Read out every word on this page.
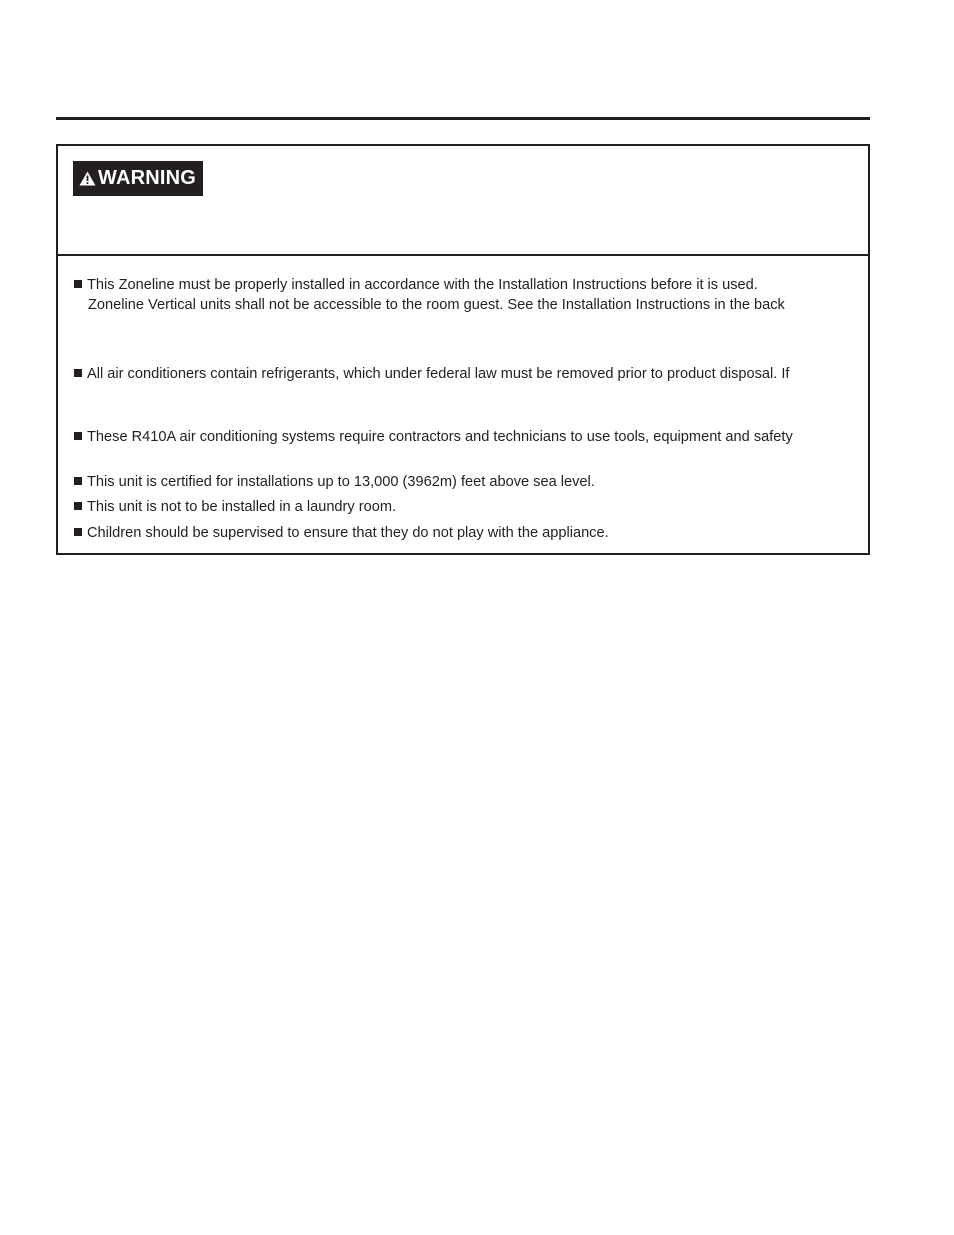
WARNING
This Zoneline must be properly installed in accordance with the Installation Instructions before it is used.
Zoneline Vertical units shall not be accessible to the room guest. See the Installation Instructions in the back
All air conditioners contain refrigerants, which under federal law must be removed prior to product disposal. If
These R410A air conditioning systems require contractors and technicians to use tools, equipment and safety
This unit is certified for installations up to 13,000 (3962m) feet above sea level.
This unit is not to be installed in a laundry room.
Children should be supervised to ensure that they do not play with the appliance.
